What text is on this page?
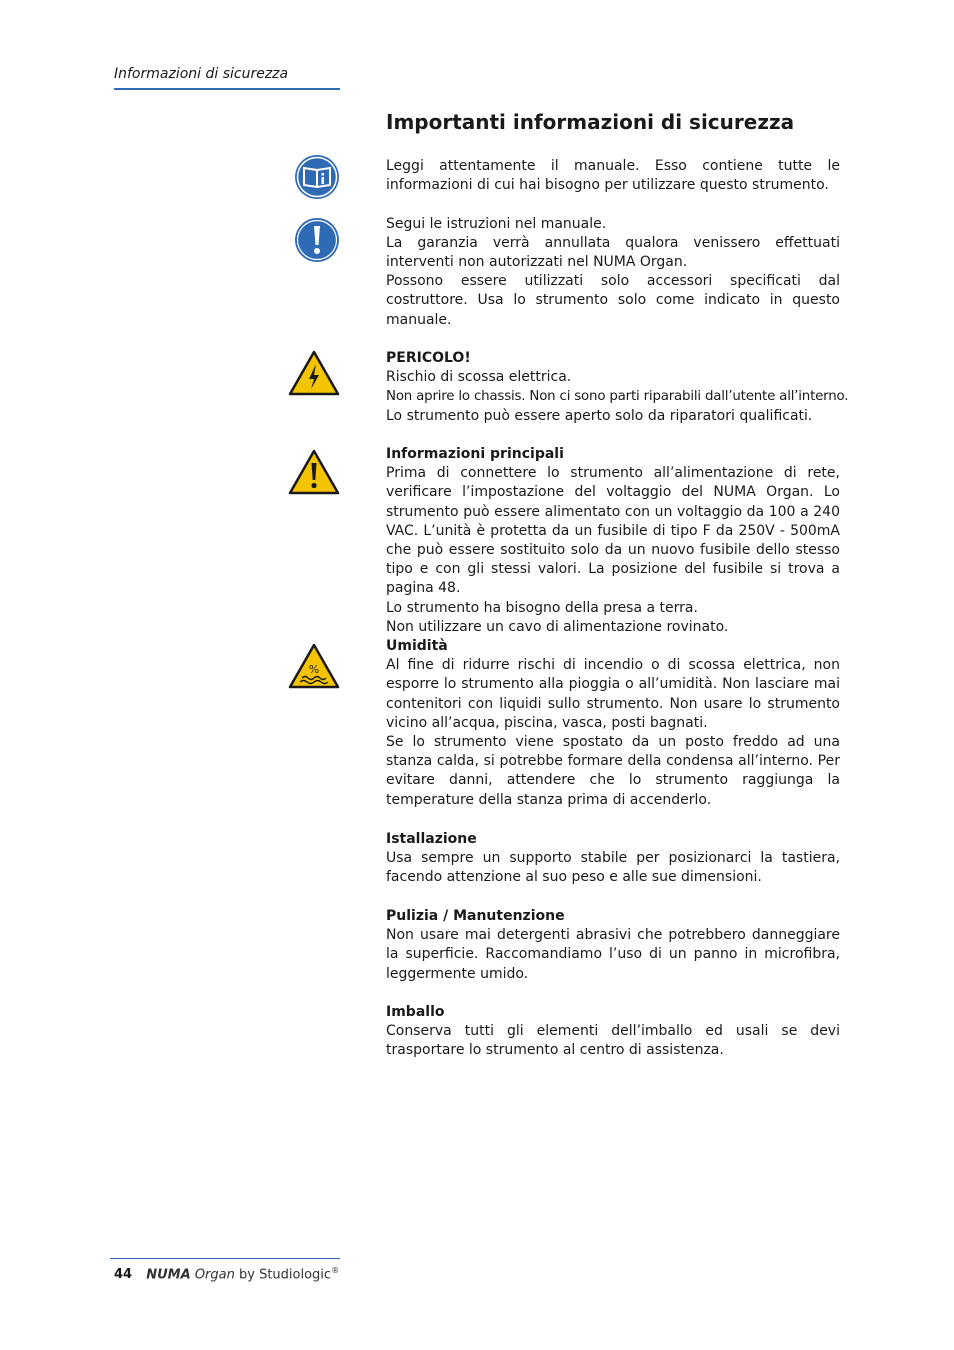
Informazioni di sicurezza
Importanti informazioni di sicurezza
%

Leggi attentamente il manuale. Esso contiene tutte le informazioni di cui hai bisogno per utilizzare questo strumento.

Segui le istruzioni nel manuale.

La garanzia verrà annullata qualora venissero effettuati interventi non autorizzati nel NUMA Organ.

Possono essere utilizzati solo accessori specificati dal costruttore. Usa lo strumento solo come indicato in questo manuale.

PERICOLO!

Rischio di scossa elettrica.

Non aprire lo chassis. Non ci sono parti riparabili dall’utente all’interno.

Lo strumento può essere aperto solo da riparatori qualificati.

Informazioni principali

Prima di connettere lo strumento all’alimentazione di rete, verificare l’impostazione del voltaggio del NUMA Organ. Lo strumento può essere alimentato con un voltaggio da 100 a 240 VAC. L’unità è protetta da un fusibile di tipo F da 250V - 500mA che può essere sostituito solo da un nuovo fusibile dello stesso tipo e con gli stessi valori. La posizione del fusibile si trova a pagina 48.

Lo strumento ha bisogno della presa a terra.

Non utilizzare un cavo di alimentazione rovinato.

Umidità

Al fine di ridurre rischi di incendio o di scossa elettrica, non esporre lo strumento alla pioggia o all’umidità. Non lasciare mai contenitori con liquidi sullo strumento. Non usare lo strumento vicino all’acqua, piscina, vasca, posti bagnati.

Se lo strumento viene spostato da un posto freddo ad una stanza calda, si potrebbe formare della condensa all’interno. Per evitare danni, attendere che lo strumento raggiunga la temperature della stanza prima di accenderlo.

Istallazione

Usa sempre un supporto stabile per posizionarci la tastiera, facendo attenzione al suo peso e alle sue dimensioni.

Pulizia / Manutenzione

Non usare mai detergenti abrasivi che potrebbero danneggiare la superficie. Raccomandiamo l’uso di un panno in microfibra, leggermente umido.

Imballo

Conserva tutti gli elementi dell’imballo ed usali se devi trasportare lo strumento al centro di assistenza.

44 NUMA Organ by Studiologic®
